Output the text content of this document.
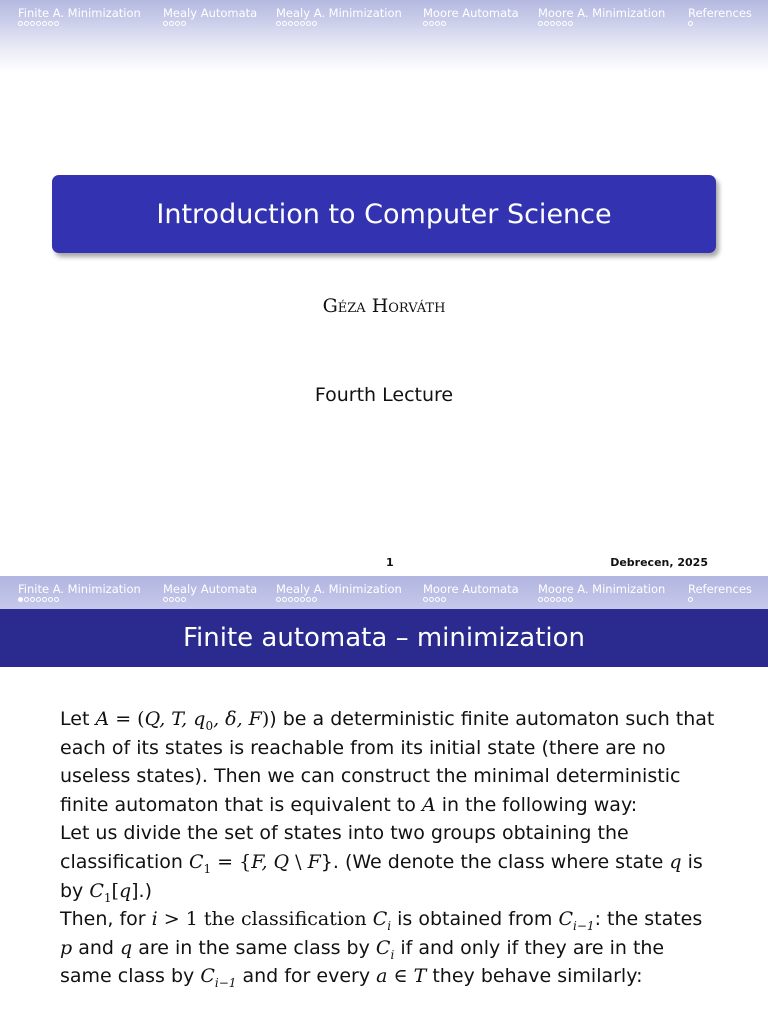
Finite A. Minimization Mealy Automata Mealy A. Minimization Moore Automata Moore A. Minimization References
Introduction to Computer Science
Géza Horváth
Fourth Lecture
1	Debrecen, 2025
Finite A. Minimization Mealy Automata Mealy A. Minimization Moore Automata Moore A. Minimization References
Finite automata – minimization

Let A = (Q, T, $q_0$, δ, F)) be a deterministic finite automaton such that each of its states is reachable from its initial state (there are no useless states). Then we can construct the minimal deterministic finite automaton that is equivalent to A in the following way:

Let us divide the set of states into two groups obtaining the classification $C_1 = \{F$, Q \ F}. (We denote the class where state q is by $C_1[q]$.)

Then, for i > 1 the classification $C_i$ is obtained from $C_{i-1}$: the states p and q are in the same class by $C_i$ if and only if they are in the same class by $C_{i-1}$ and for every a ∈ T they behave similarly:
